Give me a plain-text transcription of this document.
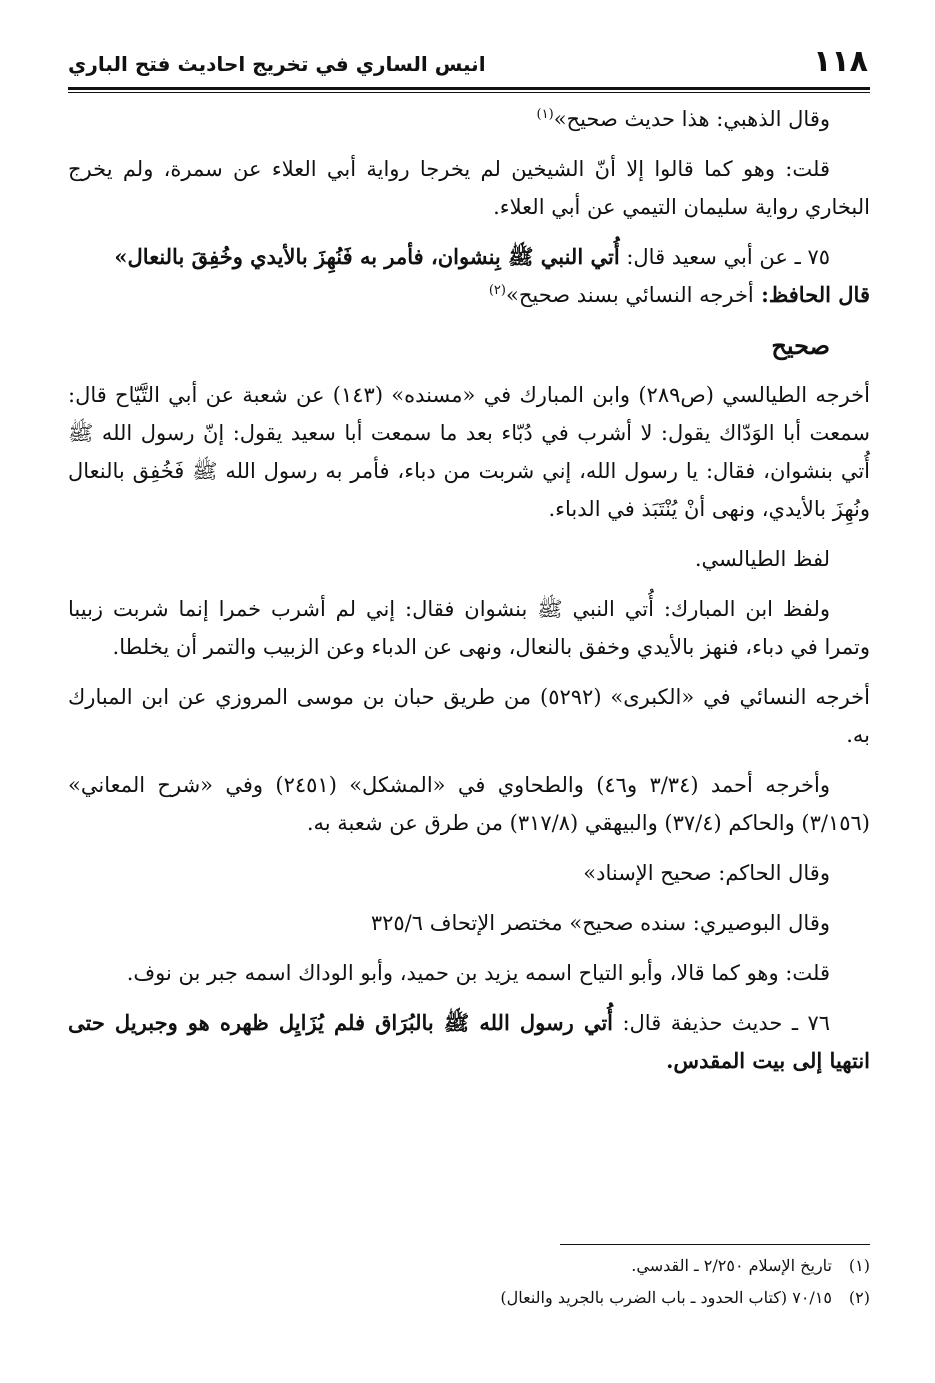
١١٨
انيس الساري في تخريج احاديث فتح الباري

وقال الذهبي: هذا حديث صحيح»$^{(١)}$

قلت: وهو كما قالوا إلا أنّ الشيخين لم يخرجا رواية أبي العلاء عن سمرة، ولم يخرج البخاري رواية سليمان التيمي عن أبي العلاء.

٧٥ ـ عن أبي سعيد قال: أُتي النبي ﷺ بِنشوان، فأمر به فَنُهِزَ بالأيدي وخُفِقَ بالنعال»
قال الحافظ: أخرجه النسائي بسند صحيح»$^{(٢)}$

صحيح

أخرجه الطيالسي (ص٢٨٩) وابن المبارك في «مسنده» (١٤٣) عن شعبة عن أبي التَّيّاح قال: سمعت أبا الوَدّاك يقول: لا أشرب في دُبّاء بعد ما سمعت أبا سعيد يقول: إنّ رسول الله ﷺ أُتي بنشوان، فقال: يا رسول الله، إني شربت من دباء، فأمر به رسول الله ﷺ فَخُفِق بالنعال ونُهِزَ بالأيدي، ونهى أنْ يُنْتَبَذ في الدباء.

لفظ الطيالسي.

ولفظ ابن المبارك: أُتي النبي ﷺ بنشوان فقال: إني لم أشرب خمرا إنما شربت زبيبا وتمرا في دباء، فنهز بالأيدي وخفق بالنعال، ونهى عن الدباء وعن الزبيب والتمر أن يخلطا.

أخرجه النسائي في «الكبرى» (٥٢٩٢) من طريق حبان بن موسى المروزي عن ابن المبارك به.

وأخرجه أحمد (٣/٣٤ و٤٦) والطحاوي في «المشكل» (٢٤٥١) وفي «شرح المعاني» (٣/١٥٦) والحاكم (٣٧/٤) والبيهقي (٣١٧/٨) من طرق عن شعبة به.

وقال الحاكم: صحيح الإسناد»

وقال البوصيري: سنده صحيح» مختصر الإتحاف ٣٢٥/٦

قلت: وهو كما قالا، وأبو التياح اسمه يزيد بن حميد، وأبو الوداك اسمه جبر بن نوف.

٧٦ ـ حديث حذيفة قال: أُتي رسول الله ﷺ بالبُرَاق فلم يُزَايِل ظهره هو وجبريل حتى انتهيا إلى بيت المقدس.

(١)تاريخ الإسلام ٢/٢٥٠ ـ القدسي.
(٢)٧٠/١٥ (كتاب الحدود ـ باب الضرب بالجريد والنعال)
